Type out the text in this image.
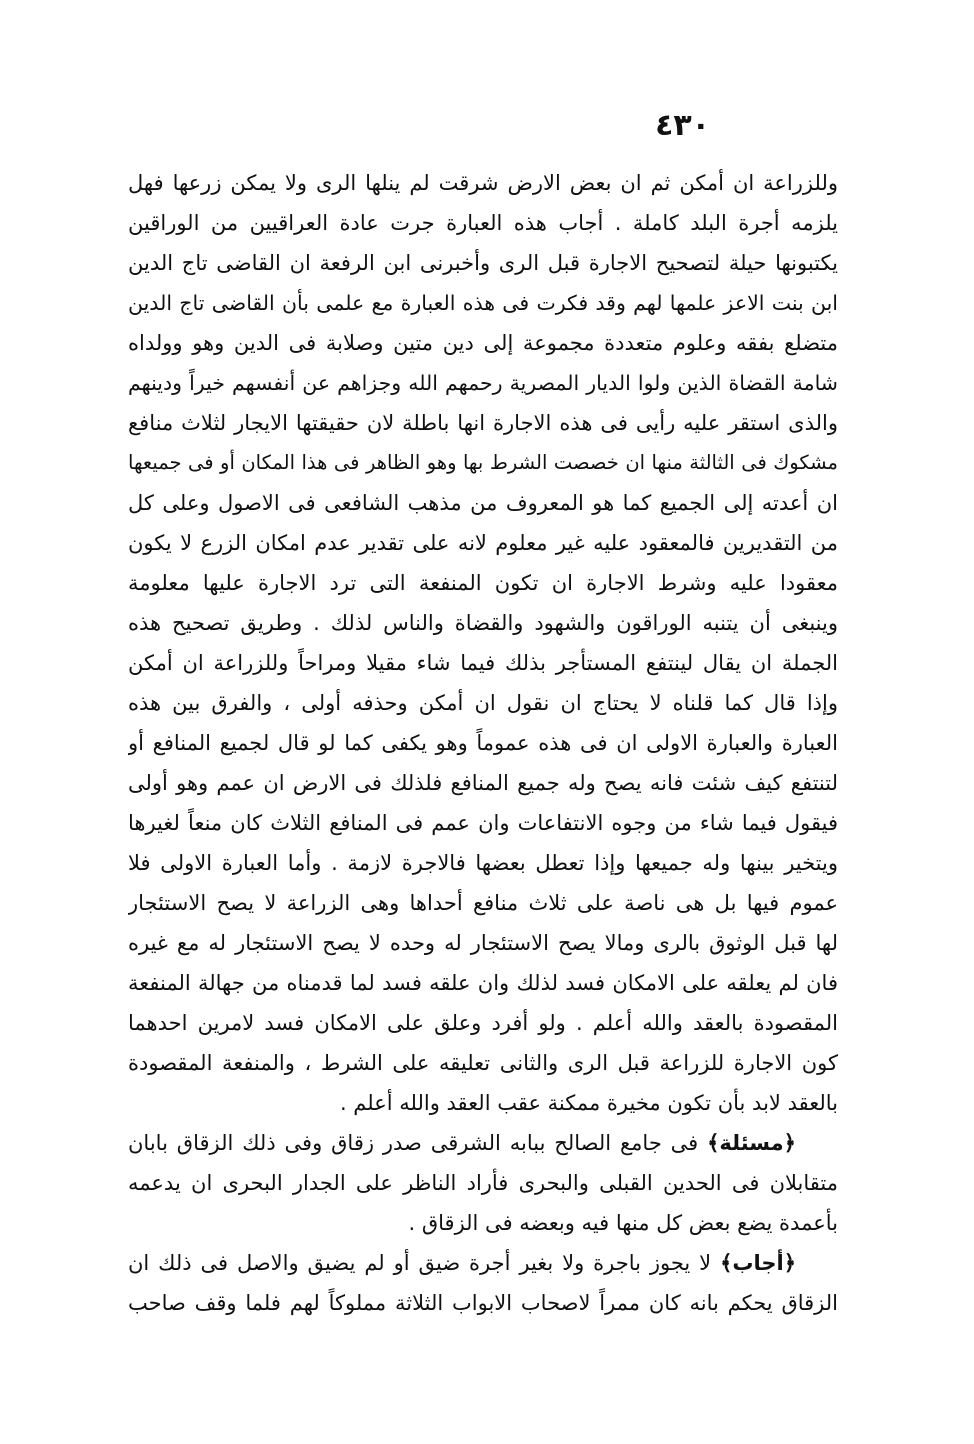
٤٣٠
وللزراعة ان أمكن ثم ان بعض الارض شرقت لم ينلها الرى ولا يمكن زرعها فهل
يلزمه أجرة البلد كاملة . أجاب هذه العبارة جرت عادة العراقيين من الوراقين
يكتبونها حيلة لتصحيح الاجارة قبل الرى وأخبرنى ابن الرفعة ان القاضى تاج الدين
ابن بنت الاعز علمها لهم وقد فكرت فى هذه العبارة مع علمى بأن القاضى تاج الدين
متضلع بفقه وعلوم متعددة مجموعة إلى دين متين وصلابة فى الدين وهو وولداه
شامة القضاة الذين ولوا الديار المصرية رحمهم الله وجزاهم عن أنفسهم خيراً ودينهم
والذى استقر عليه رأيى فى هذه الاجارة انها باطلة لان حقيقتها الايجار لثلاث منافع
مشكوك فى الثالثة منها ان خصصت الشرط بها وهو الظاهر فى هذا المكان أو فى جميعها
ان أعدته إلى الجميع كما هو المعروف من مذهب الشافعى فى الاصول وعلى كل
من التقديرين فالمعقود عليه غير معلوم لانه على تقدير عدم امكان الزرع لا يكون
معقودا عليه وشرط الاجارة ان تكون المنفعة التى ترد الاجارة عليها معلومة
وينبغى أن يتنبه الوراقون والشهود والقضاة والناس لذلك . وطريق تصحيح هذه
الجملة ان يقال لينتفع المستأجر بذلك فيما شاء مقيلا ومراحاً وللزراعة ان أمكن
وإذا قال كما قلناه لا يحتاج ان نقول ان أمكن وحذفه أولى ، والفرق بين هذه
العبارة والعبارة الاولى ان فى هذه عموماً وهو يكفى كما لو قال لجميع المنافع أو
لتنتفع كيف شئت فانه يصح وله جميع المنافع فلذلك فى الارض ان عمم وهو أولى
فيقول فيما شاء من وجوه الانتفاعات وان عمم فى المنافع الثلاث كان منعاً لغيرها
ويتخير بينها وله جميعها وإذا تعطل بعضها فالاجرة لازمة . وأما العبارة الاولى فلا
عموم فيها بل هى ناصة على ثلاث منافع أحداها وهى الزراعة لا يصح الاستئجار
لها قبل الوثوق بالرى ومالا يصح الاستئجار له وحده لا يصح الاستئجار له مع غيره
فان لم يعلقه على الامكان فسد لذلك وان علقه فسد لما قدمناه من جهالة المنفعة
المقصودة بالعقد والله أعلم . ولو أفرد وعلق على الامكان فسد لامرين احدهما
كون الاجارة للزراعة قبل الرى والثانى تعليقه على الشرط ، والمنفعة المقصودة
بالعقد لابد بأن تكون مخيرة ممكنة عقب العقد والله أعلم .
﴿مسئلة﴾ فى جامع الصالح ببابه الشرقى صدر زقاق وفى ذلك الزقاق بابان
متقابلان فى الحدين القبلى والبحرى فأراد الناظر على الجدار البحرى ان يدعمه
بأعمدة يضع بعض كل منها فيه وبعضه فى الزقاق .
﴿أجاب﴾ لا يجوز باجرة ولا بغير أجرة ضيق أو لم يضيق والاصل فى ذلك ان
الزقاق يحكم بانه كان ممراً لاصحاب الابواب الثلاثة مملوكاً لهم فلما وقف صاحب
